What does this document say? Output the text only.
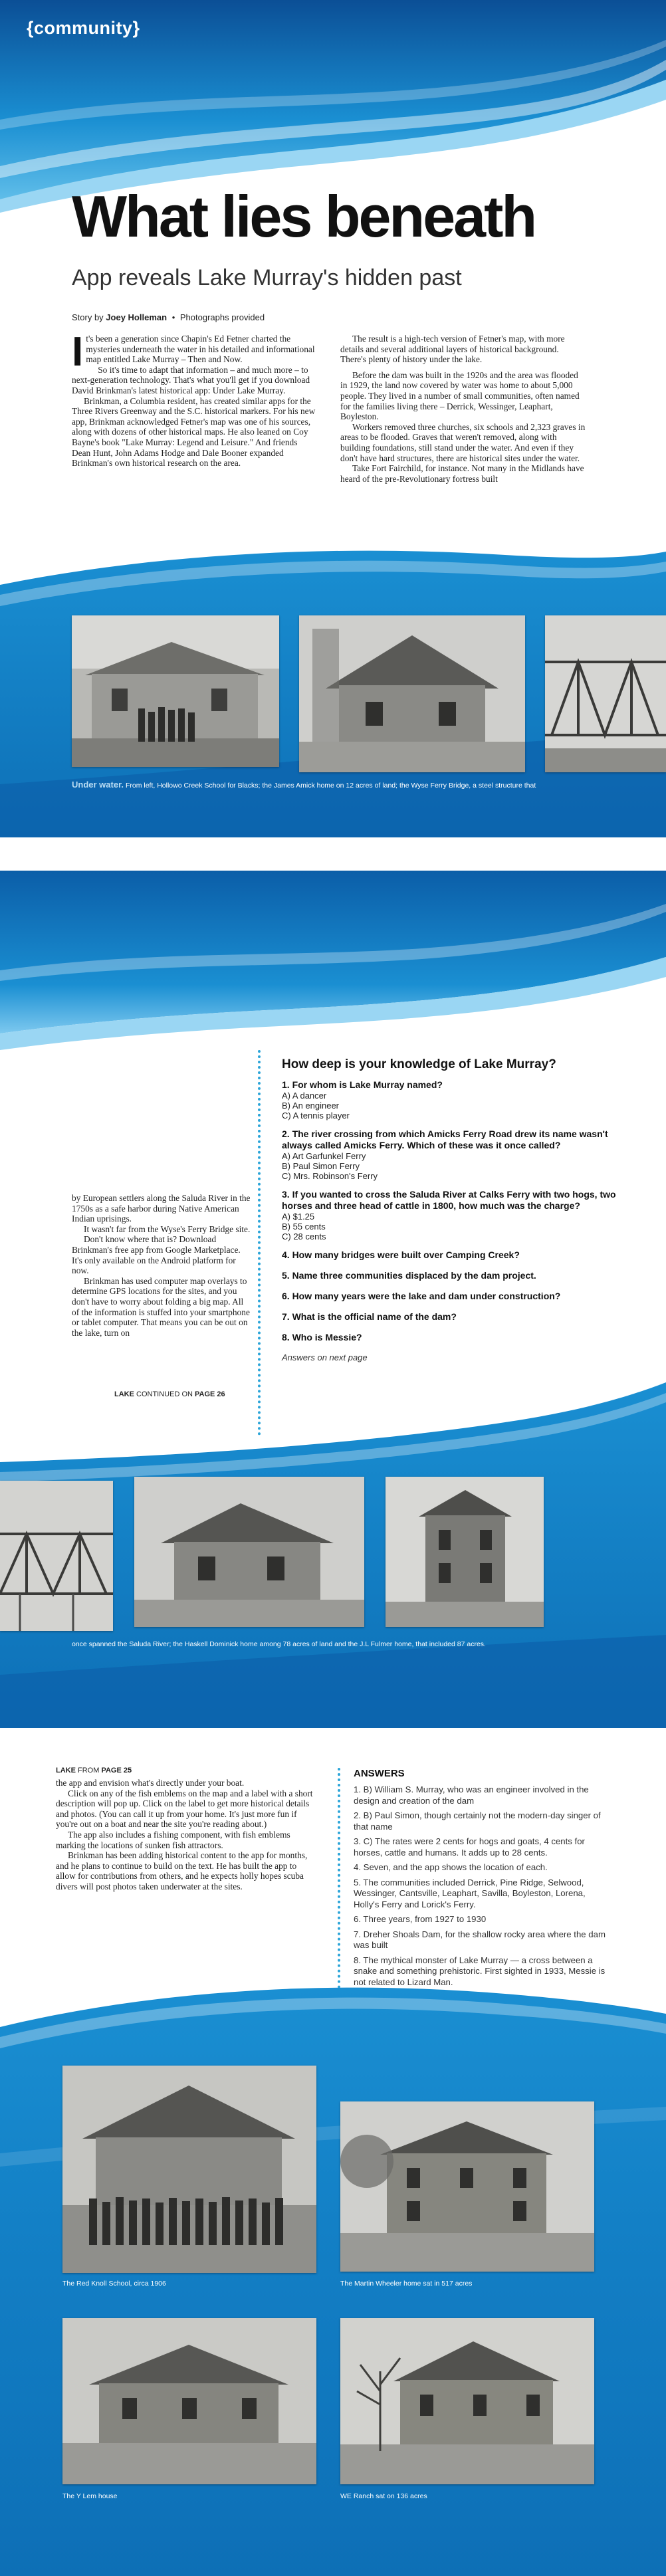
{community}
What lies beneath
App reveals Lake Murray's hidden past
Story by Joey Holleman • Photographs provided
I t's been a generation since Chapin's Ed Fetner charted the mysteries underneath the water in his detailed and informational map entitled Lake Murray – Then and Now.

So it's time to adapt that information – and much more – to next-generation technology. That's what you'll get if you download David Brinkman's latest historical app: Under Lake Murray.

Brinkman, a Columbia resident, has created similar apps for the Three Rivers Greenway and the S.C. historical markers. For his new app, Brinkman acknowledged Fetner's map was one of his sources, along with dozens of other historical maps. He also leaned on Coy Bayne's book "Lake Murray: Legend and Leisure." And friends Dean Hunt, John Adams Hodge and Dale Booner expanded Brinkman's own historical research on the area.

The result is a high-tech version of Fetner's map, with more details and several additional layers of historical background. There's plenty of history under the lake.

Before the dam was built in the 1920s and the area was flooded in 1929, the land now covered by water was home to about 5,000 people. They lived in a number of small communities, often named for the families living there – Derrick, Wessinger, Leaphart, Boyleston.

Workers removed three churches, six schools and 2,323 graves in areas to be flooded. Graves that weren't removed, along with building foundations, still stand under the water. And even if they don't have hard structures, there are historical sites under the water.

Take Fort Fairchild, for instance. Not many in the Midlands have heard of the pre-Revolutionary fortress built

Under water. From left, Hollowo Creek School for Blacks; the James Amick home on 12 acres of land; the Wyse Ferry Bridge, a steel structure that

by European settlers along the Saluda River in the 1750s as a safe harbor during Native American Indian uprisings.

It wasn't far from the Wyse's Ferry Bridge site.

Don't know where that is? Download Brinkman's free app from Google Marketplace. It's only available on the Android platform for now.

Brinkman has used computer map overlays to determine GPS locations for the sites, and you don't have to worry about folding a big map. All of the information is stuffed into your smartphone or tablet computer. That means you can be out on the lake, turn on

LAKE CONTINUED ON PAGE 26
How deep is your knowledge of Lake Murray?

1. For whom is Lake Murray named?

A) A dancer

B) An engineer

C) A tennis player

2. The river crossing from which Amicks Ferry Road drew its name wasn't always called Amicks Ferry. Which of these was it once called?

A) Art Garfunkel Ferry

B) Paul Simon Ferry

C) Mrs. Robinson's Ferry

3. If you wanted to cross the Saluda River at Calks Ferry with two hogs, two horses and three head of cattle in 1800, how much was the charge?

A) $1.25

B) 55 cents

C) 28 cents

4. How many bridges were built over Camping Creek?

5. Name three communities displaced by the dam project.

6. How many years were the lake and dam under construction?

7. What is the official name of the dam?

8. Who is Messie?

Answers on next page
once spanned the Saluda River; the Haskell Dominick home among 78 acres of land and the J.L Fulmer home, that included 87 acres.
LAKE FROM PAGE 25

the app and envision what's directly under your boat.

Click on any of the fish emblems on the map and a label with a short description will pop up. Click on the label to get more historical details and photos. (You can call it up from your home. It's just more fun if you're out on a boat and near the site you're reading about.)

The app also includes a fishing component, with fish emblems marking the locations of sunken fish attractors.

Brinkman has been adding historical content to the app for months, and he plans to continue to build on the text. He has built the app to allow for contributions from others, and he expects holly hopes scuba divers will post photos taken underwater at the sites.

ANSWERS

1. B) William S. Murray, who was an engineer involved in the design and creation of the dam

2. B) Paul Simon, though certainly not the modern-day singer of that name

3. C) The rates were 2 cents for hogs and goats, 4 cents for horses, cattle and humans. It adds up to 28 cents.

4. Seven, and the app shows the location of each.

5. The communities included Derrick, Pine Ridge, Selwood, Wessinger, Cantsville, Leaphart, Savilla, Boyleston, Lorena, Holly's Ferry and Lorick's Ferry.

6. Three years, from 1927 to 1930

7. Dreher Shoals Dam, for the shallow rocky area where the dam was built

8. The mythical monster of Lake Murray — a cross between a snake and something prehistoric. First sighted in 1933, Messie is not related to Lizard Man.

The Red Knoll School, circa 1906	The Martin Wheeler home sat in 517 acres
The Y Lem house	WE Ranch sat on 136 acres
